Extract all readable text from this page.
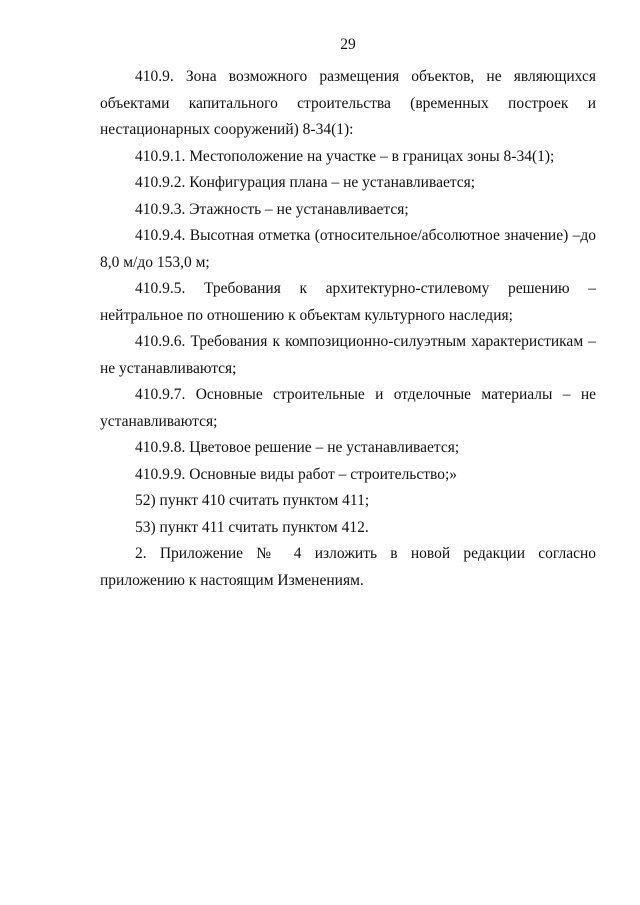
29

410.9. Зона возможного размещения объектов, не являющихся объектами капитального строительства (временных построек и нестационарных сооружений) 8-34(1):

410.9.1. Местоположение на участке – в границах зоны 8-34(1);

410.9.2. Конфигурация плана – не устанавливается;

410.9.3. Этажность – не устанавливается;

410.9.4. Высотная отметка (относительное/абсолютное значение) –до 8,0 м/до 153,0 м;

410.9.5. Требования к архитектурно-стилевому решению – нейтральное по отношению к объектам культурного наследия;

410.9.6. Требования к композиционно-силуэтным характеристикам – не устанавливаются;

410.9.7. Основные строительные и отделочные материалы – не устанавливаются;

410.9.8. Цветовое решение – не устанавливается;

410.9.9. Основные виды работ – строительство;»

52) пункт 410 считать пунктом 411;

53) пункт 411 считать пунктом 412.

2. Приложение № 4 изложить в новой редакции согласно приложению к настоящим Изменениям.
